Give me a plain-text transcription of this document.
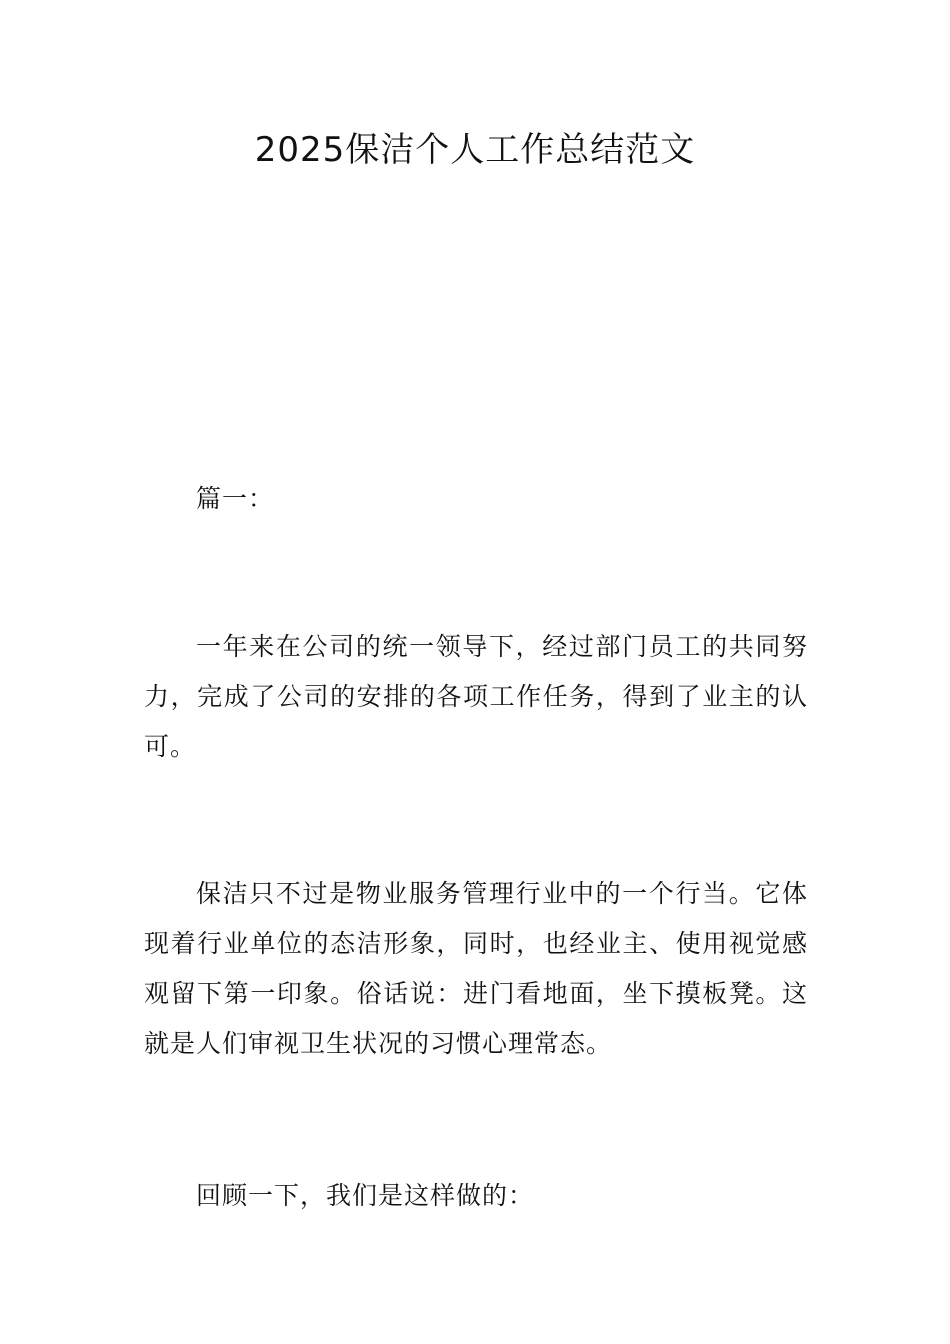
2025保洁个人工作总结范文

篇一：

一年来在公司的统一领导下，经过部门员工的共同努力，完成了公司的安排的各项工作任务，得到了业主的认可。

保洁只不过是物业服务管理行业中的一个行当。它体现着行业单位的态洁形象，同时，也经业主、使用视觉感观留下第一印象。俗话说：进门看地面，坐下摸板凳。这就是人们审视卫生状况的习惯心理常态。

回顾一下，我们是这样做的：
